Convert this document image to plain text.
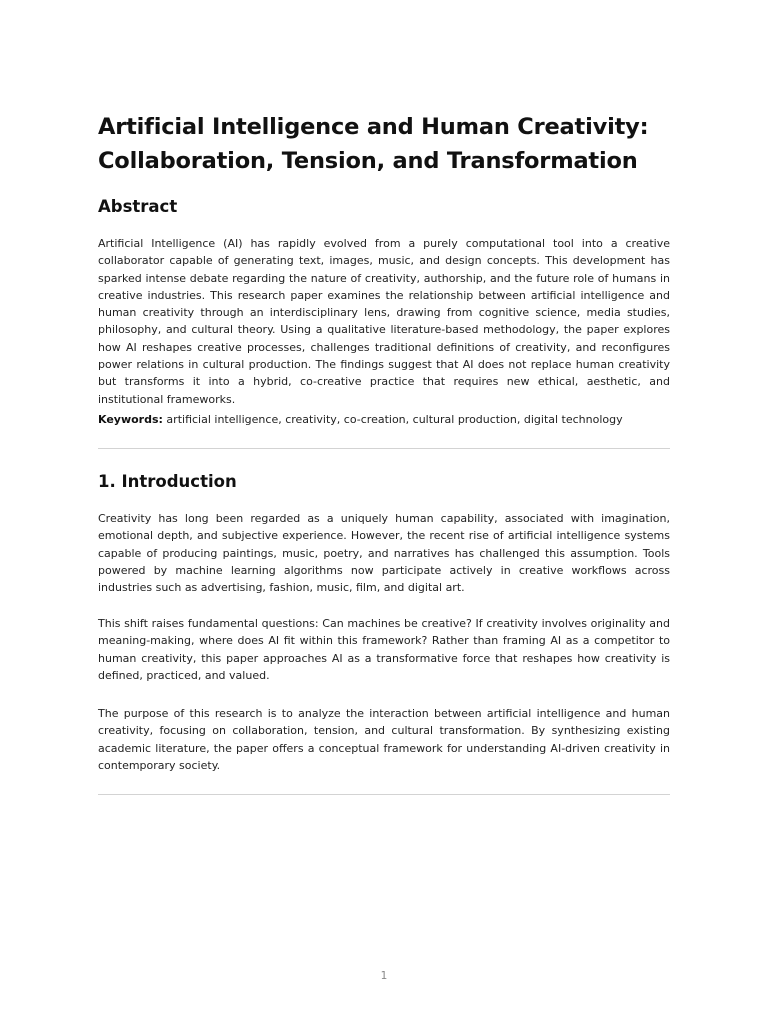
Artificial Intelligence and Human Creativity:
Collaboration, Tension, and Transformation
Abstract

Artificial Intelligence (AI) has rapidly evolved from a purely computational tool into a creative collaborator capable of generating text, images, music, and design concepts. This development has sparked intense debate regarding the nature of creativity, authorship, and the future role of humans in creative industries. This research paper examines the relationship between artificial intelligence and human creativity through an interdisciplinary lens, drawing from cognitive science, media studies, philosophy, and cultural theory. Using a qualitative literature-based methodology, the paper explores how AI reshapes creative processes, challenges traditional definitions of creativity, and reconfigures power relations in cultural production. The findings suggest that AI does not replace human creativity but transforms it into a hybrid, co-creative practice that requires new ethical, aesthetic, and institutional frameworks.

Keywords: artificial intelligence, creativity, co-creation, cultural production, digital technology

1. Introduction

Creativity has long been regarded as a uniquely human capability, associated with imagination, emotional depth, and subjective experience. However, the recent rise of artificial intelligence systems capable of producing paintings, music, poetry, and narratives has challenged this assumption. Tools powered by machine learning algorithms now participate actively in creative workflows across industries such as advertising, fashion, music, film, and digital art.

This shift raises fundamental questions: Can machines be creative? If creativity involves originality and meaning-making, where does AI fit within this framework? Rather than framing AI as a competitor to human creativity, this paper approaches AI as a transformative force that reshapes how creativity is defined, practiced, and valued.

The purpose of this research is to analyze the interaction between artificial intelligence and human creativity, focusing on collaboration, tension, and cultural transformation. By synthesizing existing academic literature, the paper offers a conceptual framework for understanding AI-driven creativity in contemporary society.

1
